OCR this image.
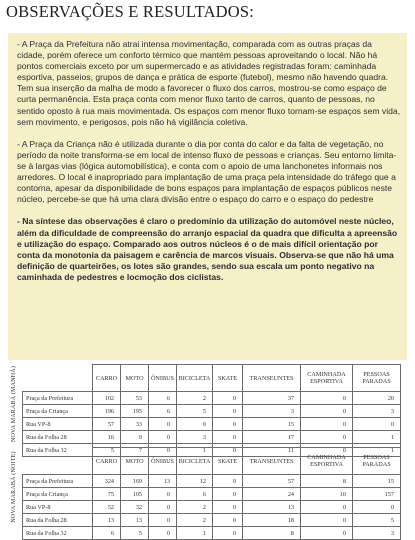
OBSERVAÇÕES E RESULTADOS:

- A Praça da Prefeitura não atrai intensa movimentação, comparada com as outras praças da cidade, porém oferece um conforto térmico que mantém pessoas aproveitando o local. Não há pontos comerciais exceto por um supermercado e as atividades registradas foram: caminhada esportiva, passeios, grupos de dança e prática de esporte (futebol), mesmo não havendo quadra. Tem sua inserção da malha de modo a favorecer o fluxo dos carros, mostrou-se como espaço de curta permanência. Esta praça conta com menor fluxo tanto de carros, quanto de pessoas, no sentido oposto à rua mais movimentada. Os espaços com menor fluxo tornam-se espaços sem vida, sem movimento, e perigosos, pois não há vigilância coletiva.

- A Praça da Criança não é utilizada durante o dia por conta do calor e da falta de vegetação, no período da noite transforma-se em local de intenso fluxo de pessoas e crianças. Seu entorno limita-se à largas vias (lógica automobilística), e conta com o apoio de uma lanchonetes informais nos arredores. O local é inapropriado para implantação de uma praça pela intensidade do tráfego que a contorna, apesar da disponibilidade de bons espaços para implantação de espaços públicos neste núcleo, percebe-se que há uma clara divisão entre o espaço do carro e o espaço do pedestre

- Na síntese das observações é claro o predomínio da utilização do automóvel neste núcleo, além da dificuldade de compreensão do arranjo espacial da quadra que dificulta a apreensão e utilização do espaço. Comparado aos outros núcleos é o de mais difícil orientação por conta da monotonia da paisagem e carência de marcos visuais. Observa-se que não há uma definição de quarteirões, os lotes são grandes, sendo sua escala um ponto negativo na caminhada de pedestres e locmoção dos ciclistas.

NOVA MARABÁ (MANHÃ)
		CARRO	MOTO	ÔNIBUS	BICICLETA	SKATE	TRANSEUNTES	CAMINHADA ESPORTIVA	PESSOAS PARADAS
Praça da Prefeitura	102	53	6	2	0	37	0	20
Praça da Criança	196	195	6	5	0	3	0	3
Rua VP-8	57	33	0	0	0	15	0	0
Rua da Folha 28	16	9	0	3	0	17	0	1
Rua da Folha 32	5	7	0	1	0	11	0	1
NOVA MARABÁ (NOITE)
		CARRO	MOTO	ÔNIBUS	BICICLETA	SKATE	TRANSEUNTES	CAMINHADA ESPORTIVA	PESSOAS PARADAS
Praça da Prefeitura	324	169	13	12	0	57	8	15
Praça da Criança	75	105	0	6	0	24	10	157
Rua VP-8	52	32	0	2	0	13	0	0
Rua da Folha 28	13	13	0	2	0	18	0	5
Rua da Folha 32	6	5	0	1	0	8	0	3
